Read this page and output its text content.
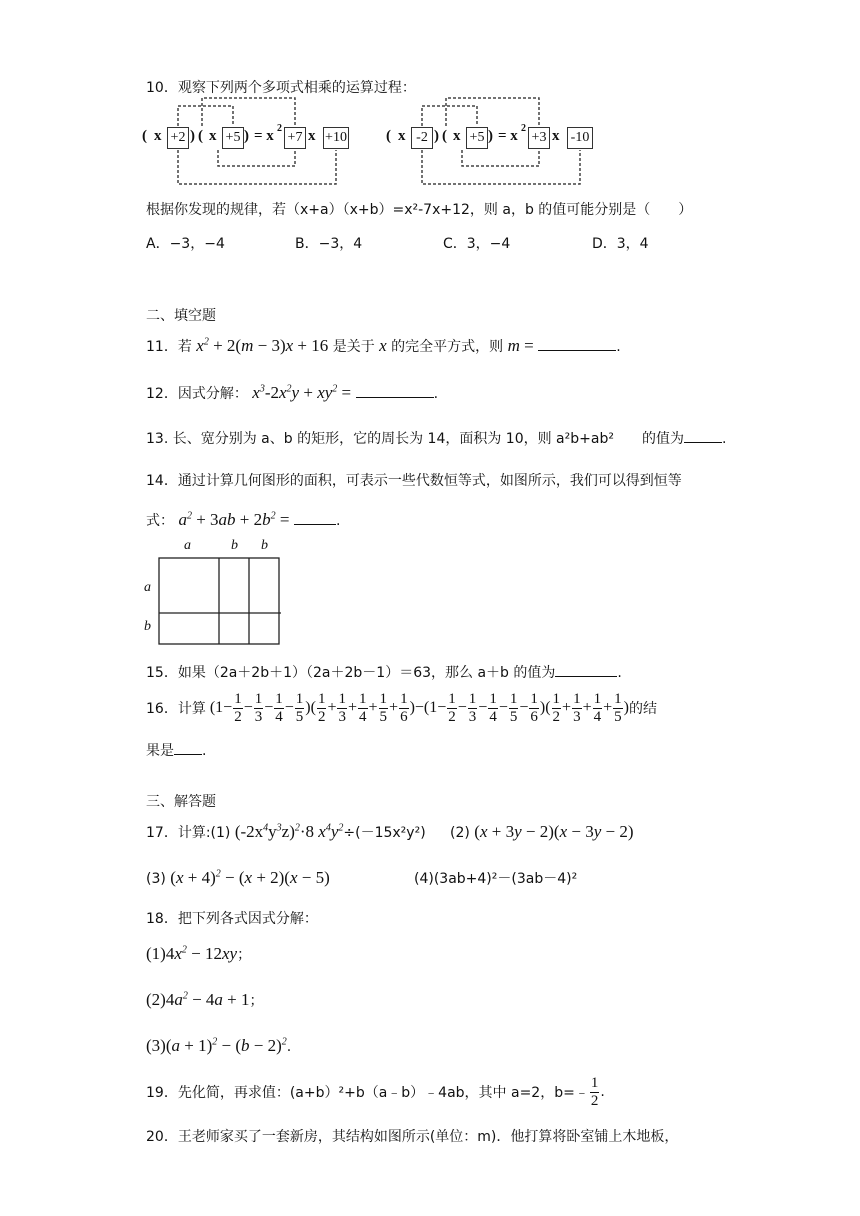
10．观察下列两个多项式相乘的运算过程：
( x +2 ) ( x +5 ) = x 2
+7 x +10	( x -2 ) ( x +5 ) = x 2
+3 x -10
根据你发现的规律，若（x+a）（x+b）=x²-7x+12，则 a，b 的值可能分别是（　　）
A．−3，−4	B．−3，4	C．3，−4	D．3，4
二、填空题
11．若 $x^2 + 2(m - 3)x + 16$ 是关于 x 的完全平方式，则 m =	.
12．因式分解： $x^3-2x^2y + xy^2$ =	.
13. 长、宽分别为 a、b 的矩形，它的周长为 14，面积为 10，则 a²b+ab²　　的值为	.
14．通过计算几何图形的面积，可表示一些代数恒等式，如图所示，我们可以得到恒等
式： $a^2 + 3ab + 2b^2$ =	.
a	b b
a
b
15．如果（2a＋2b＋1）（2a＋2b－1）＝63，那么 a＋b 的值为	.
16．计算 ($1- \frac{1}{2} - \frac{1}{3} - \frac{1}{4} - \frac{1}{5}$ )( $\frac{1}{2} + \frac{1}{3} + \frac{1}{4} + \frac{1}{5} + \frac{1}{6} )-(1- \frac{1}{2} - \frac{1}{3} - \frac{1}{4} - \frac{1}{5} - \frac{1}{6}$ )( $\frac{1}{2} + \frac{1}{3} + \frac{1}{4} + \frac{1}{5}$ ) 的结
果是 .
三、解答题
17．计算:(1) $(-2x^4y^3z)^2\cdot 8$ $x^4y^2\div(-15x^2y^2)$ (2) (x + 3y − 2)(x − 3y − 2)
(3) $(x + 4)^2 - (x + 2)(x - 5)$	(4)(3ab+4)²－(3ab－4)²
18．把下列各式因式分解：
$(1)4x^2 - 12xy$；
$(2)4a^2 - 4a + 1$；
$(3)(a + 1)^2 - (b - 2)^2$.
19．先化简，再求值：(a+b）²+b（a﹣b）﹣4ab，其中 a=2，b=﹣ $\frac{1}{2}$ .
20．王老师家买了一套新房，其结构如图所示(单位：m)．他打算将卧室铺上木地板，
